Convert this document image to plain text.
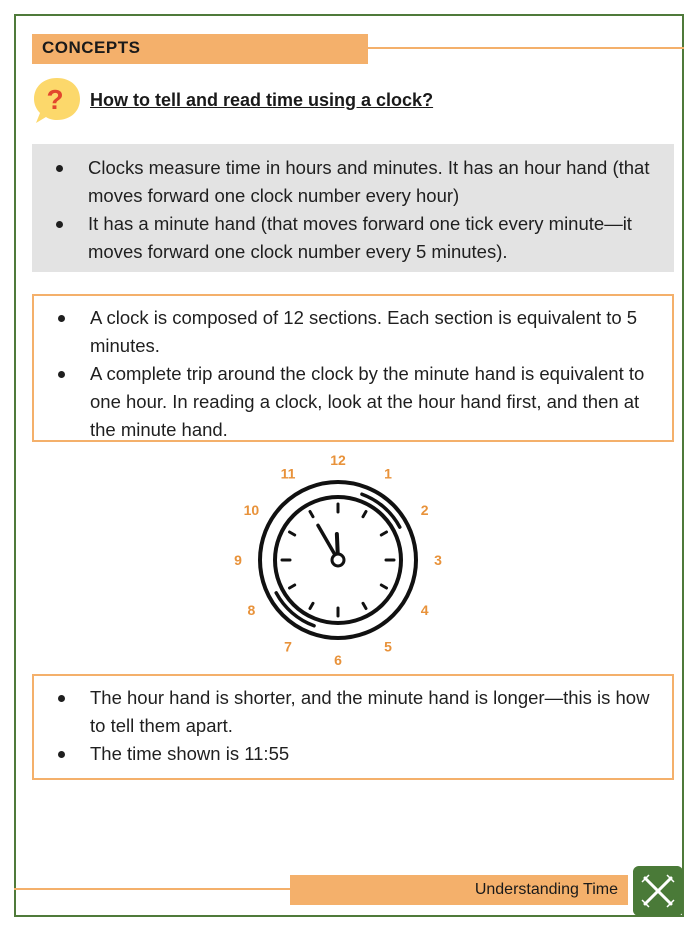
CONCEPTS
? How to tell and read time using a clock?
Clocks measure time in hours and minutes. It has an hour hand (that moves forward one clock number every hour)
It has a minute hand (that moves forward one tick every minute—it moves forward one clock number every 5 minutes).
A clock is composed of 12 sections. Each section is equivalent to 5 minutes.
A complete trip around the clock by the minute hand is equivalent to one hour. In reading a clock, look at the hour hand first, and then at the minute hand.
12
1
2
3
4
5
6
7
8
9
10
11
The hour hand is shorter, and the minute hand is longer—this is how to tell them apart.
The time shown is 11:55
Understanding Time
